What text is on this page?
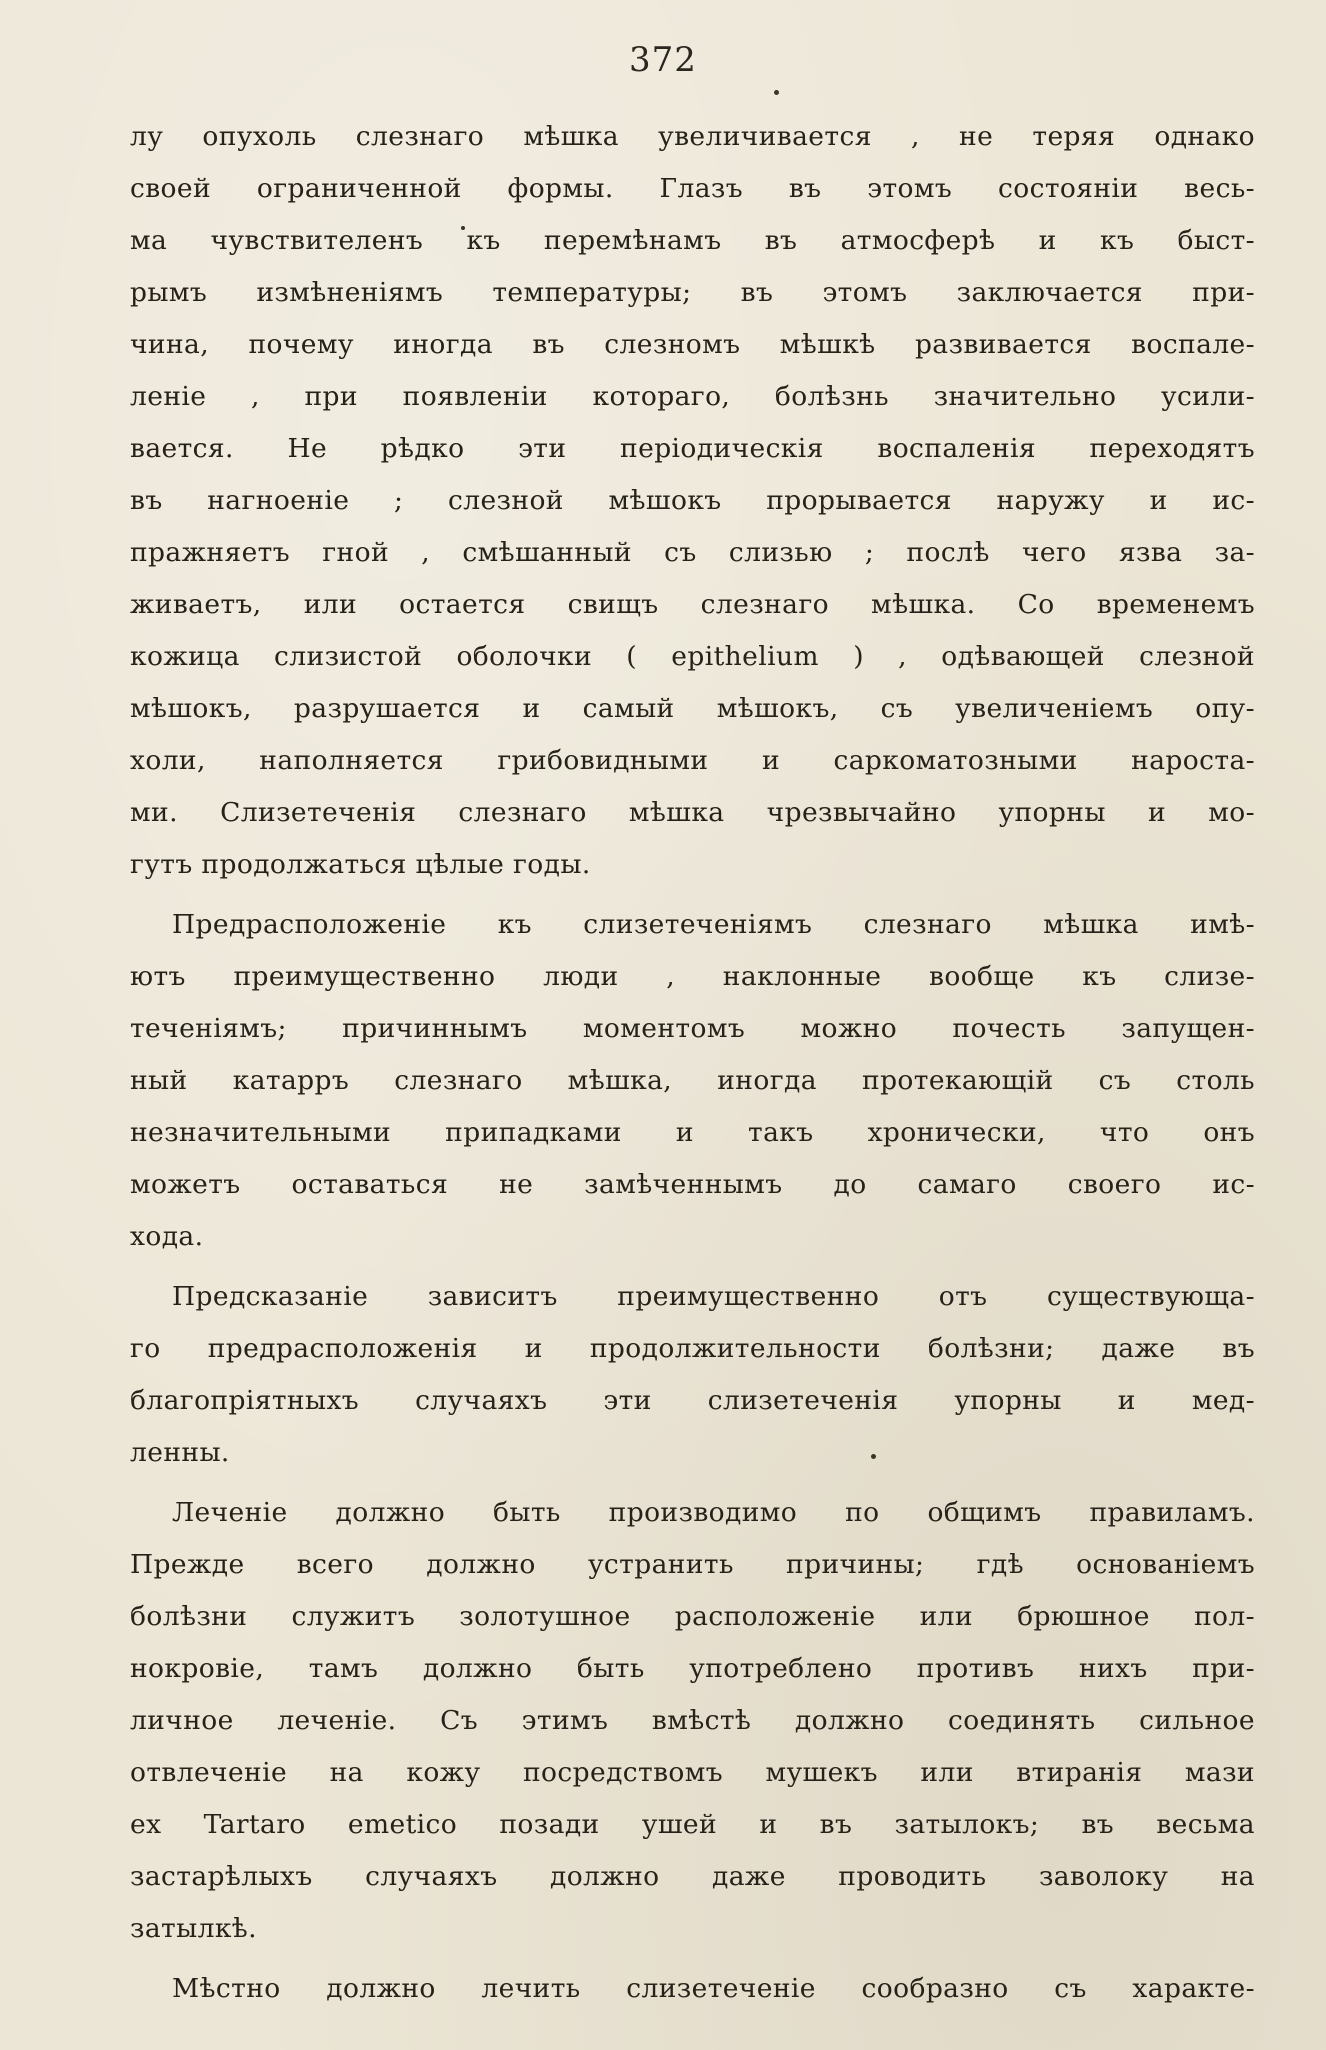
372
лу опухоль слезнаго мѣшка увеличивается , не теряя однако
своей ограниченной формы. Глазъ въ этомъ состояніи весь-
ма чувствителенъ къ перемѣнамъ въ атмосферѣ и къ быст-
рымъ измѣненіямъ температуры; въ этомъ заключается при-
чина, почему иногда въ слезномъ мѣшкѣ развивается воспале-
леніе , при появленіи котораго, болѣзнь значительно усили-
вается. Не рѣдко эти періодическія воспаленія переходятъ
въ нагноеніе ; слезной мѣшокъ прорывается наружу и ис-
пражняетъ гной , смѣшанный съ слизью ; послѣ чего язва за-
живаетъ, или остается свищъ слезнаго мѣшка. Со временемъ
кожица слизистой оболочки ( epithelium ) , одѣвающей слезной
мѣшокъ, разрушается и самый мѣшокъ, съ увеличеніемъ опу-
холи, наполняется грибовидными и саркоматозными нароста-
ми. Слизетеченія слезнаго мѣшка чрезвычайно упорны и мо-
гутъ продолжаться цѣлые годы.
Предрасположеніе къ слизетеченіямъ слезнаго мѣшка имѣ-
ютъ преимущественно люди , наклонные вообще къ слизе-
теченіямъ; причиннымъ моментомъ можно почесть запущен-
ный катарръ слезнаго мѣшка, иногда протекающій съ столь
незначительными припадками и такъ хронически, что онъ
можетъ оставаться не замѣченнымъ до самаго своего ис-
хода.
Предсказаніе зависитъ преимущественно отъ существующа-
го предрасположенія и продолжительности болѣзни; даже въ
благопріятныхъ случаяхъ эти слизетеченія упорны и мед-
ленны.
Леченіе должно быть производимо по общимъ правиламъ.
Прежде всего должно устранить причины; гдѣ основаніемъ
болѣзни служитъ золотушное расположеніе или брюшное пол-
нокровіе, тамъ должно быть употреблено противъ нихъ при-
личное леченіе. Съ этимъ вмѣстѣ должно соединять сильное
отвлеченіе на кожу посредствомъ мушекъ или втиранія мази
ex Tartaro emetico позади ушей и въ затылокъ; въ весьма
застарѣлыхъ случаяхъ должно даже проводить заволоку на
затылкѣ.
Мѣстно должно лечить слизетеченіе сообразно съ характе-
